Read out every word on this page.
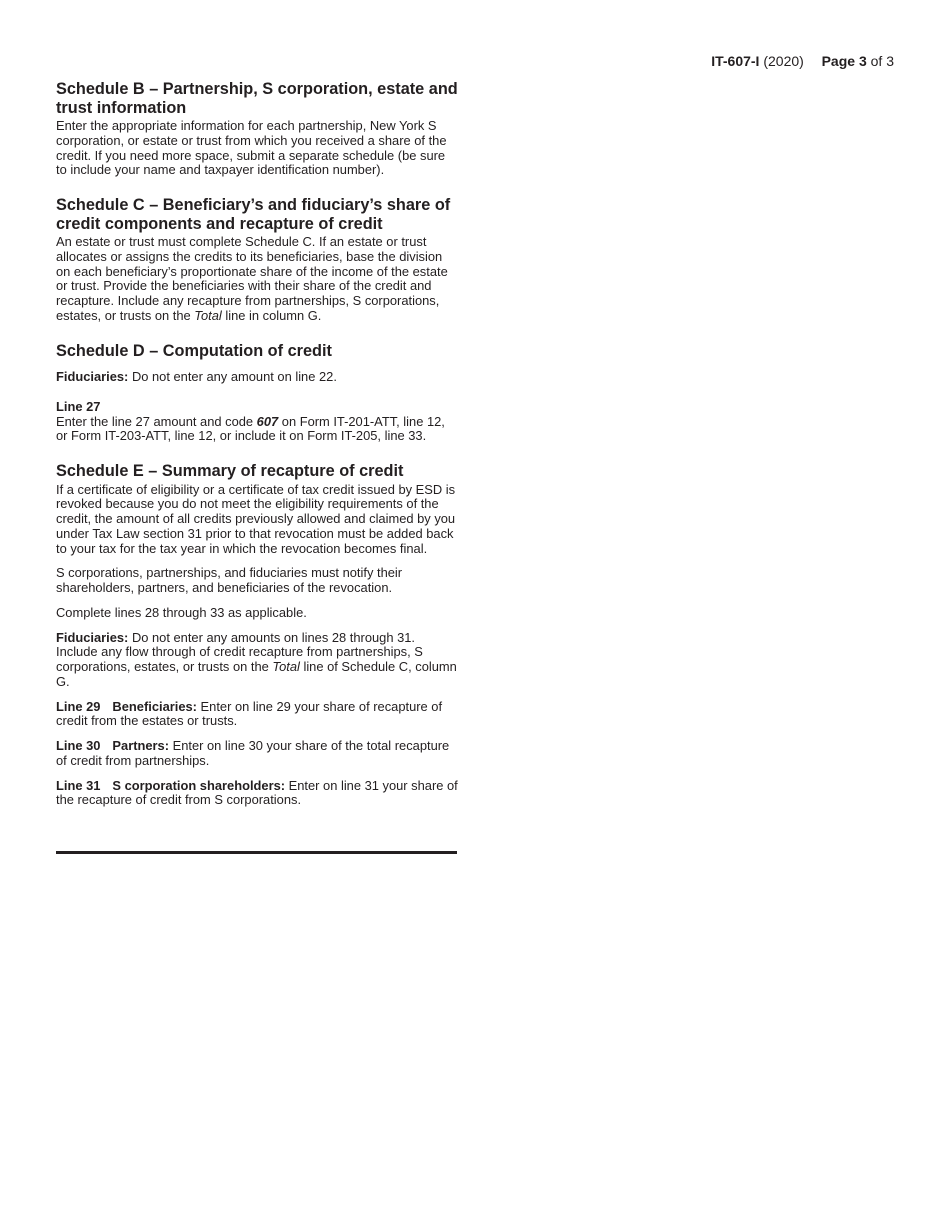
IT-607-I (2020) Page 3 of 3
Schedule B – Partnership, S corporation, estate and trust information

Enter the appropriate information for each partnership, New York S corporation, or estate or trust from which you received a share of the credit. If you need more space, submit a separate schedule (be sure to include your name and taxpayer identification number).

Schedule C – Beneficiary’s and fiduciary’s share of credit components and recapture of credit

An estate or trust must complete Schedule C. If an estate or trust allocates or assigns the credits to its beneficiaries, base the division on each beneficiary’s proportionate share of the income of the estate or trust. Provide the beneficiaries with their share of the credit and recapture. Include any recapture from partnerships, S corporations, estates, or trusts on the Total line in column G.

Schedule D – Computation of credit

Fiduciaries: Do not enter any amount on line 22.

Line 27

Enter the line 27 amount and code 607 on Form IT-201-ATT, line 12, or Form IT-203-ATT, line 12, or include it on Form IT-205, line 33.

Schedule E – Summary of recapture of credit

If a certificate of eligibility or a certificate of tax credit issued by ESD is revoked because you do not meet the eligibility requirements of the credit, the amount of all credits previously allowed and claimed by you under Tax Law section 31 prior to that revocation must be added back to your tax for the tax year in which the revocation becomes final.

S corporations, partnerships, and fiduciaries must notify their shareholders, partners, and beneficiaries of the revocation.

Complete lines 28 through 33 as applicable.

Fiduciaries: Do not enter any amounts on lines 28 through 31. Include any flow through of credit recapture from partnerships, S corporations, estates, or trusts on the Total line of Schedule C, column G.

Line 29 Beneficiaries: Enter on line 29 your share of recapture of credit from the estates or trusts.

Line 30 Partners: Enter on line 30 your share of the total recapture of credit from partnerships.

Line 31 S corporation shareholders: Enter on line 31 your share of the recapture of credit from S corporations.
